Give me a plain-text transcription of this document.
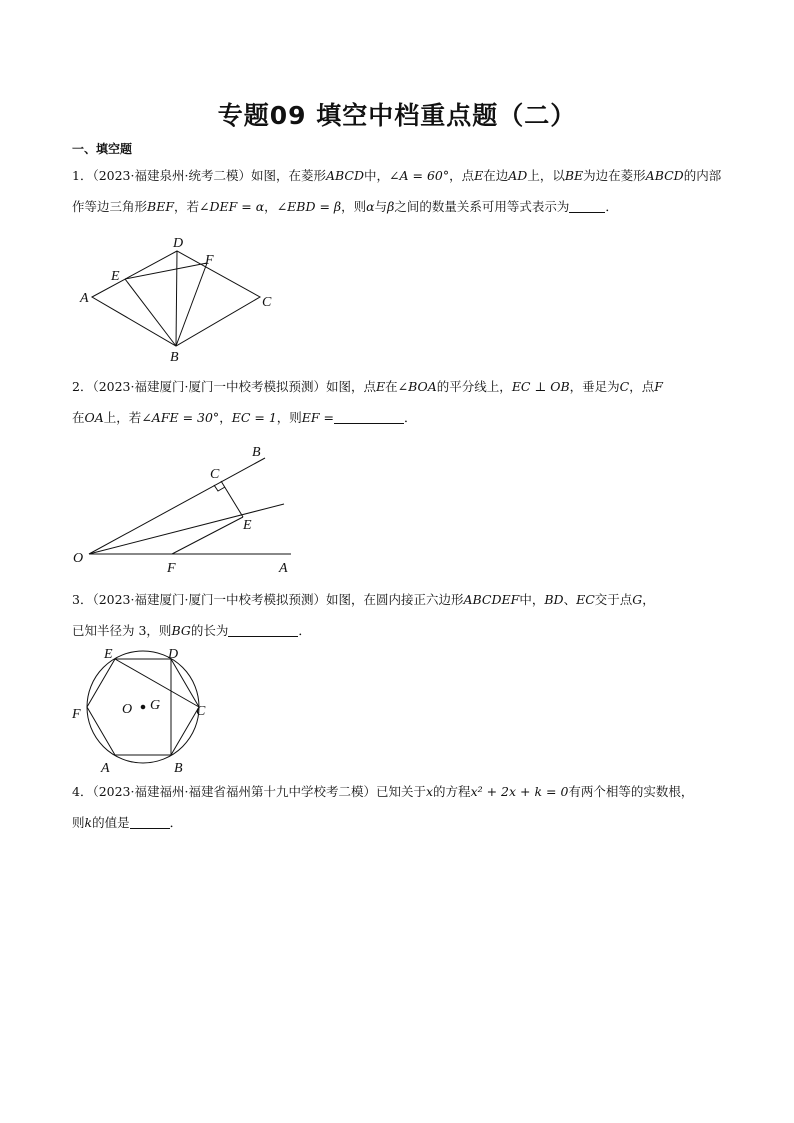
专题09 填空中档重点题（二）
一、填空题
1．（2023·福建泉州·统考二模）如图，在菱形ABCD中，∠A = 60°，点E在边AD上，以BE为边在菱形ABCD的内部作等边三角形BEF，若∠DEF = α，∠EBD = β，则α与β之间的数量关系可用等式表示为	．
A
B
C
D
E
F
2．（2023·福建厦门·厦门一中校考模拟预测）如图，点E在∠BOA的平分线上，EC ⊥ OB，垂足为C，点F
在OA上，若∠AFE = 30°，EC = 1，则EF =	．
O
A
B
C
E
F
3．（2023·福建厦门·厦门一中校考模拟预测）如图，在圆内接正六边形ABCDEF中，BD、EC交于点G，
已知半径为 3，则BG的长为	．
A	B
C
D
E
F	O G
4．（2023·福建福州·福建省福州第十九中学校考二模）已知关于x的方程x² + 2x + k = 0有两个相等的实数根，
则k的值是	．
